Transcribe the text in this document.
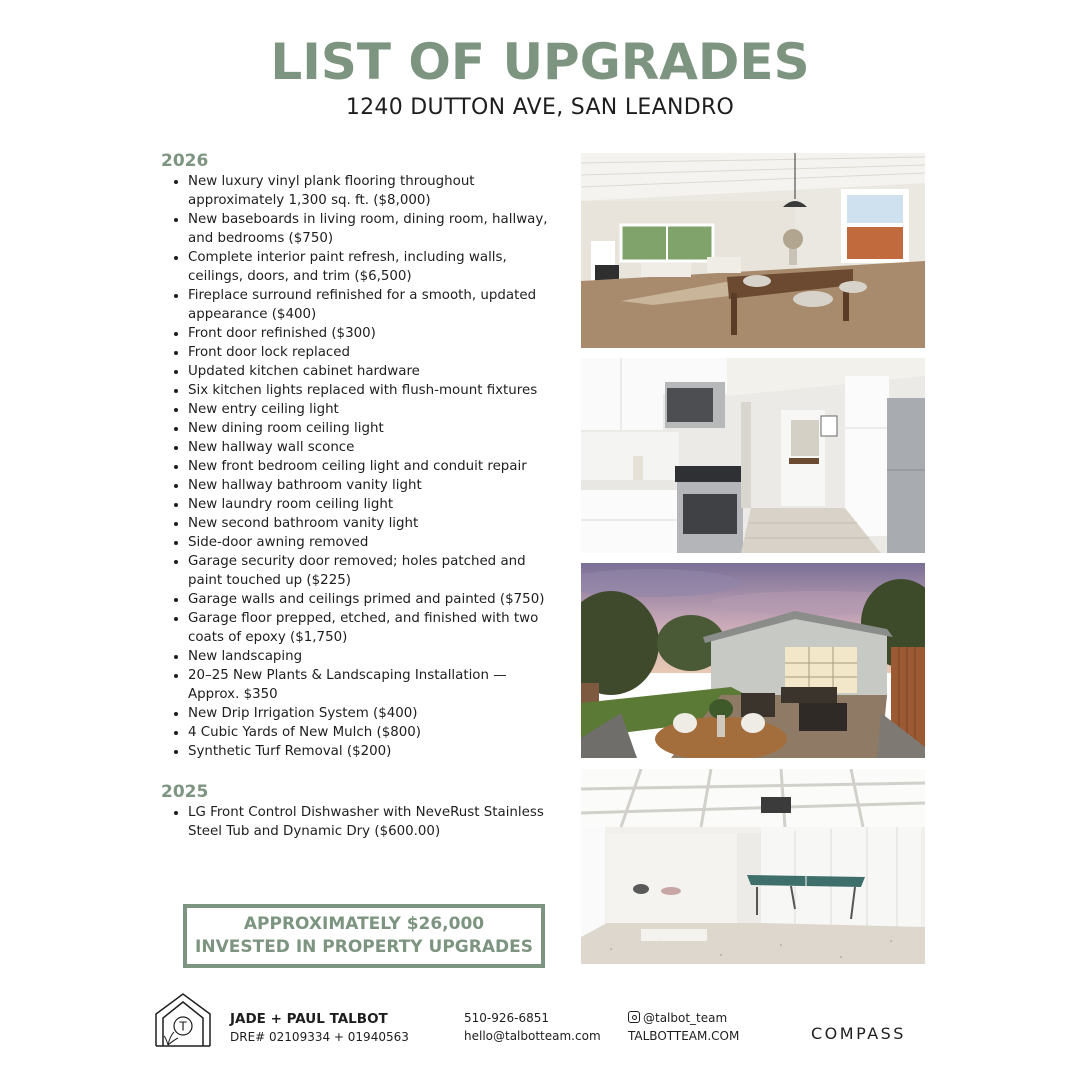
LIST OF UPGRADES
1240 DUTTON AVE, SAN LEANDRO
2026
New luxury vinyl plank flooring throughout approximately 1,300 sq. ft. ($8,000)
New baseboards in living room, dining room, hallway, and bedrooms ($750)
Complete interior paint refresh, including walls, ceilings, doors, and trim ($6,500)
Fireplace surround refinished for a smooth, updated appearance ($400)
Front door refinished ($300)
Front door lock replaced
Updated kitchen cabinet hardware
Six kitchen lights replaced with flush-mount fixtures
New entry ceiling light
New dining room ceiling light
New hallway wall sconce
New front bedroom ceiling light and conduit repair
New hallway bathroom vanity light
New laundry room ceiling light
New second bathroom vanity light
Side-door awning removed
Garage security door removed; holes patched and paint touched up ($225)
Garage walls and ceilings primed and painted ($750)
Garage floor prepped, etched, and finished with two coats of epoxy ($1,750)
New landscaping
20–25 New Plants & Landscaping Installation — Approx. $350
New Drip Irrigation System ($400)
4 Cubic Yards of New Mulch ($800)
Synthetic Turf Removal ($200)
2025
LG Front Control Dishwasher with NeveRust Stainless Steel Tub and Dynamic Dry ($600.00)
APPROXIMATELY $26,000
INVESTED IN PROPERTY UPGRADES
T	JADE + PAUL TALBOT
DRE# 02109334 + 01940563
510-926-6851
hello@talbotteam.com
@talbot_team
TALBOTTEAM.COM	COMPASS
